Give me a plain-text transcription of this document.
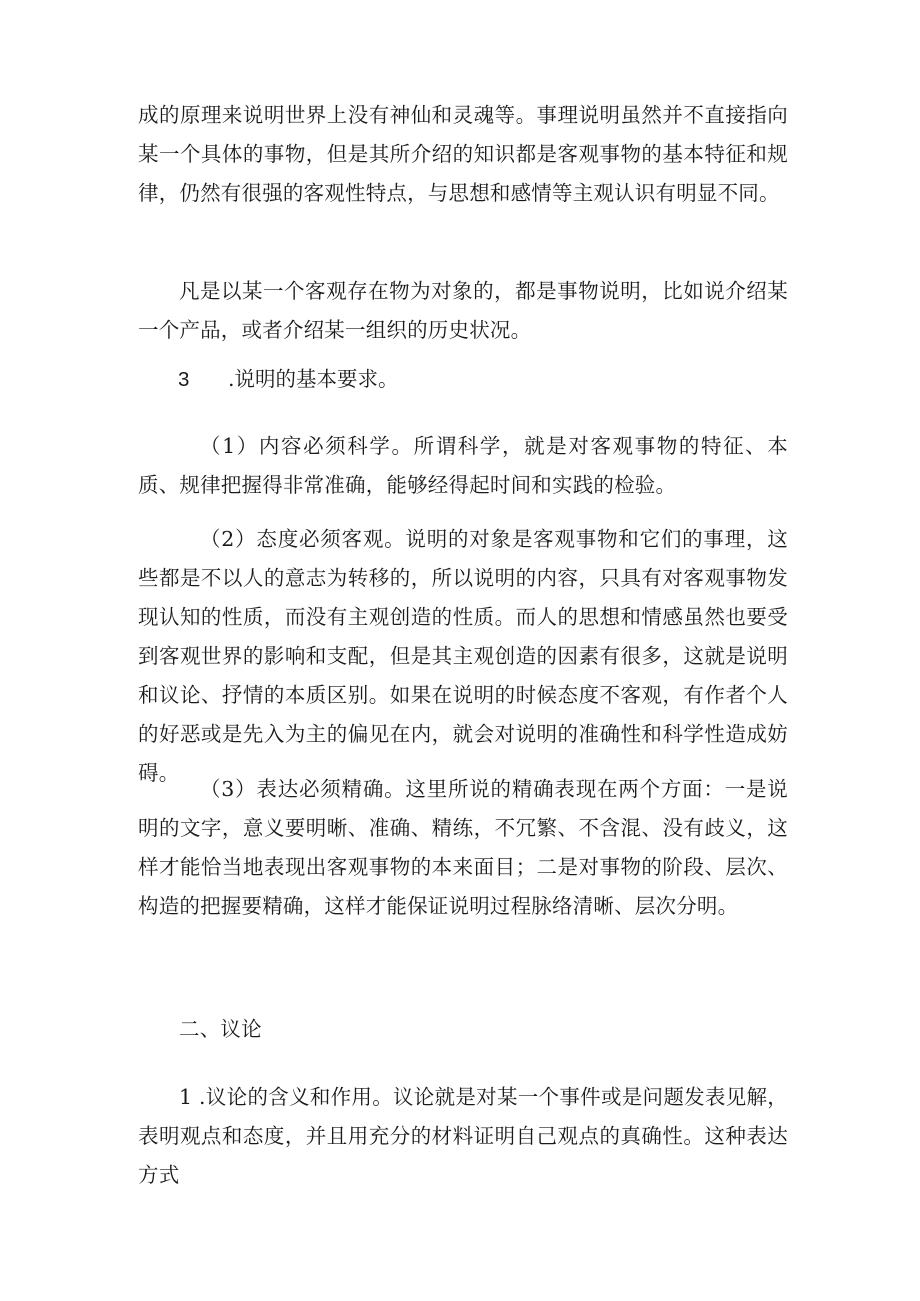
成的原理来说明世界上没有神仙和灵魂等。事理说明虽然并不直接指向某一个具体的事物，但是其所介绍的知识都是客观事物的基本特征和规律，仍然有很强的客观性特点，与思想和感情等主观认识有明显不同。

凡是以某一个客观存在物为对象的，都是事物说明，比如说介绍某一个产品，或者介绍某一组织的历史状况。

3 .说明的基本要求。

（1）内容必须科学。所谓科学，就是对客观事物的特征、本质、规律把握得非常准确，能够经得起时间和实践的检验。

（2）态度必须客观。说明的对象是客观事物和它们的事理，这些都是不以人的意志为转移的，所以说明的内容，只具有对客观事物发现认知的性质，而没有主观创造的性质。而人的思想和情感虽然也要受到客观世界的影响和支配，但是其主观创造的因素有很多，这就是说明和议论、抒情的本质区别。如果在说明的时候态度不客观，有作者个人的好恶或是先入为主的偏见在内，就会对说明的准确性和科学性造成妨碍。

（3）表达必须精确。这里所说的精确表现在两个方面：一是说明的文字，意义要明晰、准确、精练，不冗繁、不含混、没有歧义，这样才能恰当地表现出客观事物的本来面目；二是对事物的阶段、层次、构造的把握要精确，这样才能保证说明过程脉络清晰、层次分明。

二、议论

1 .议论的含义和作用。议论就是对某一个事件或是问题发表见解，表明观点和态度，并且用充分的材料证明自己观点的真确性。这种表达方式
